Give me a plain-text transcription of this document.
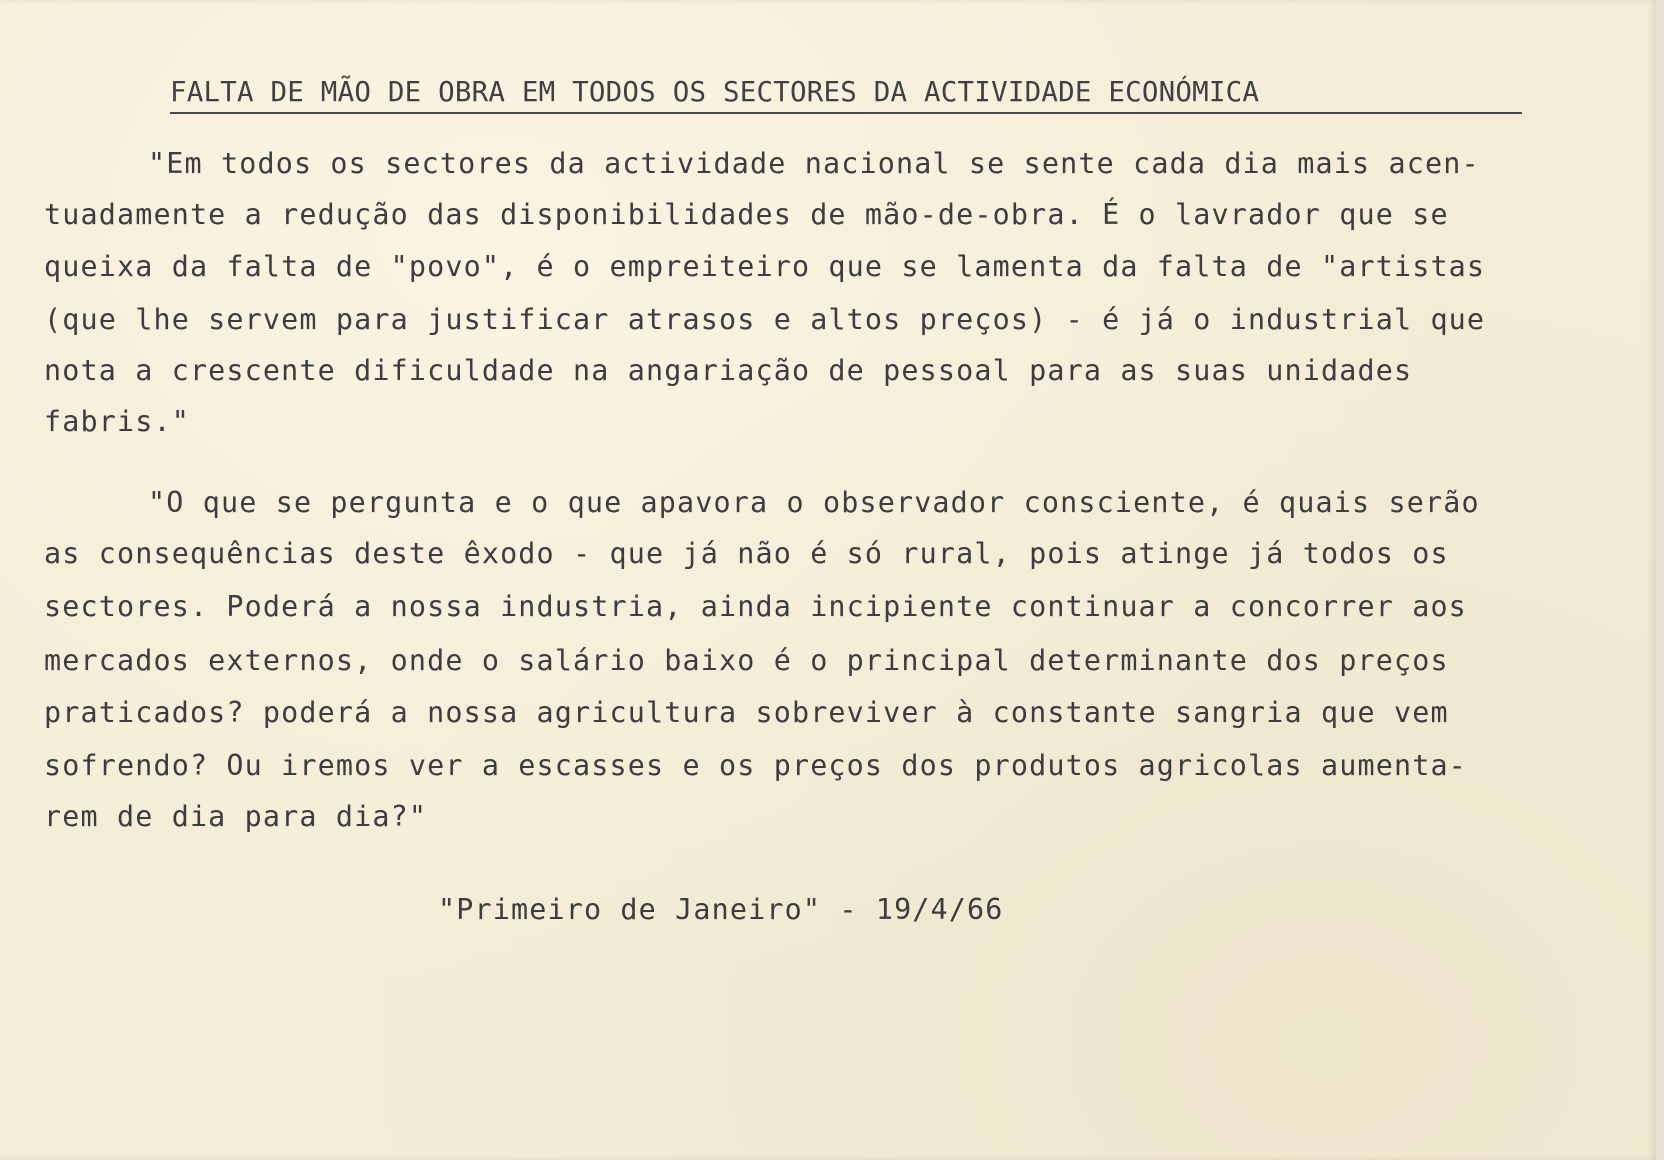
FALTA DE MÃO DE OBRA EM TODOS OS SECTORES DA ACTIVIDADE ECONÓMICA
"Em todos os sectores da actividade nacional se sente cada dia mais acen-
tuadamente a redução das disponibilidades de mão-de-obra. É o lavrador que se
queixa da falta de "povo", é o empreiteiro que se lamenta da falta de "artistas
(que lhe servem para justificar atrasos e altos preços) - é já o industrial que
nota a crescente dificuldade na angariação de pessoal para as suas unidades
fabris."
"O que se pergunta e o que apavora o observador consciente, é quais serão
as consequências deste êxodo - que já não é só rural, pois atinge já todos os
sectores. Poderá a nossa industria, ainda incipiente continuar a concorrer aos
mercados externos, onde o salário baixo é o principal determinante dos preços
praticados? poderá a nossa agricultura sobreviver à constante sangria que vem
sofrendo? Ou iremos ver a escasses e os preços dos produtos agricolas aumenta-
rem de dia para dia?"
"Primeiro de Janeiro" - 19/4/66
